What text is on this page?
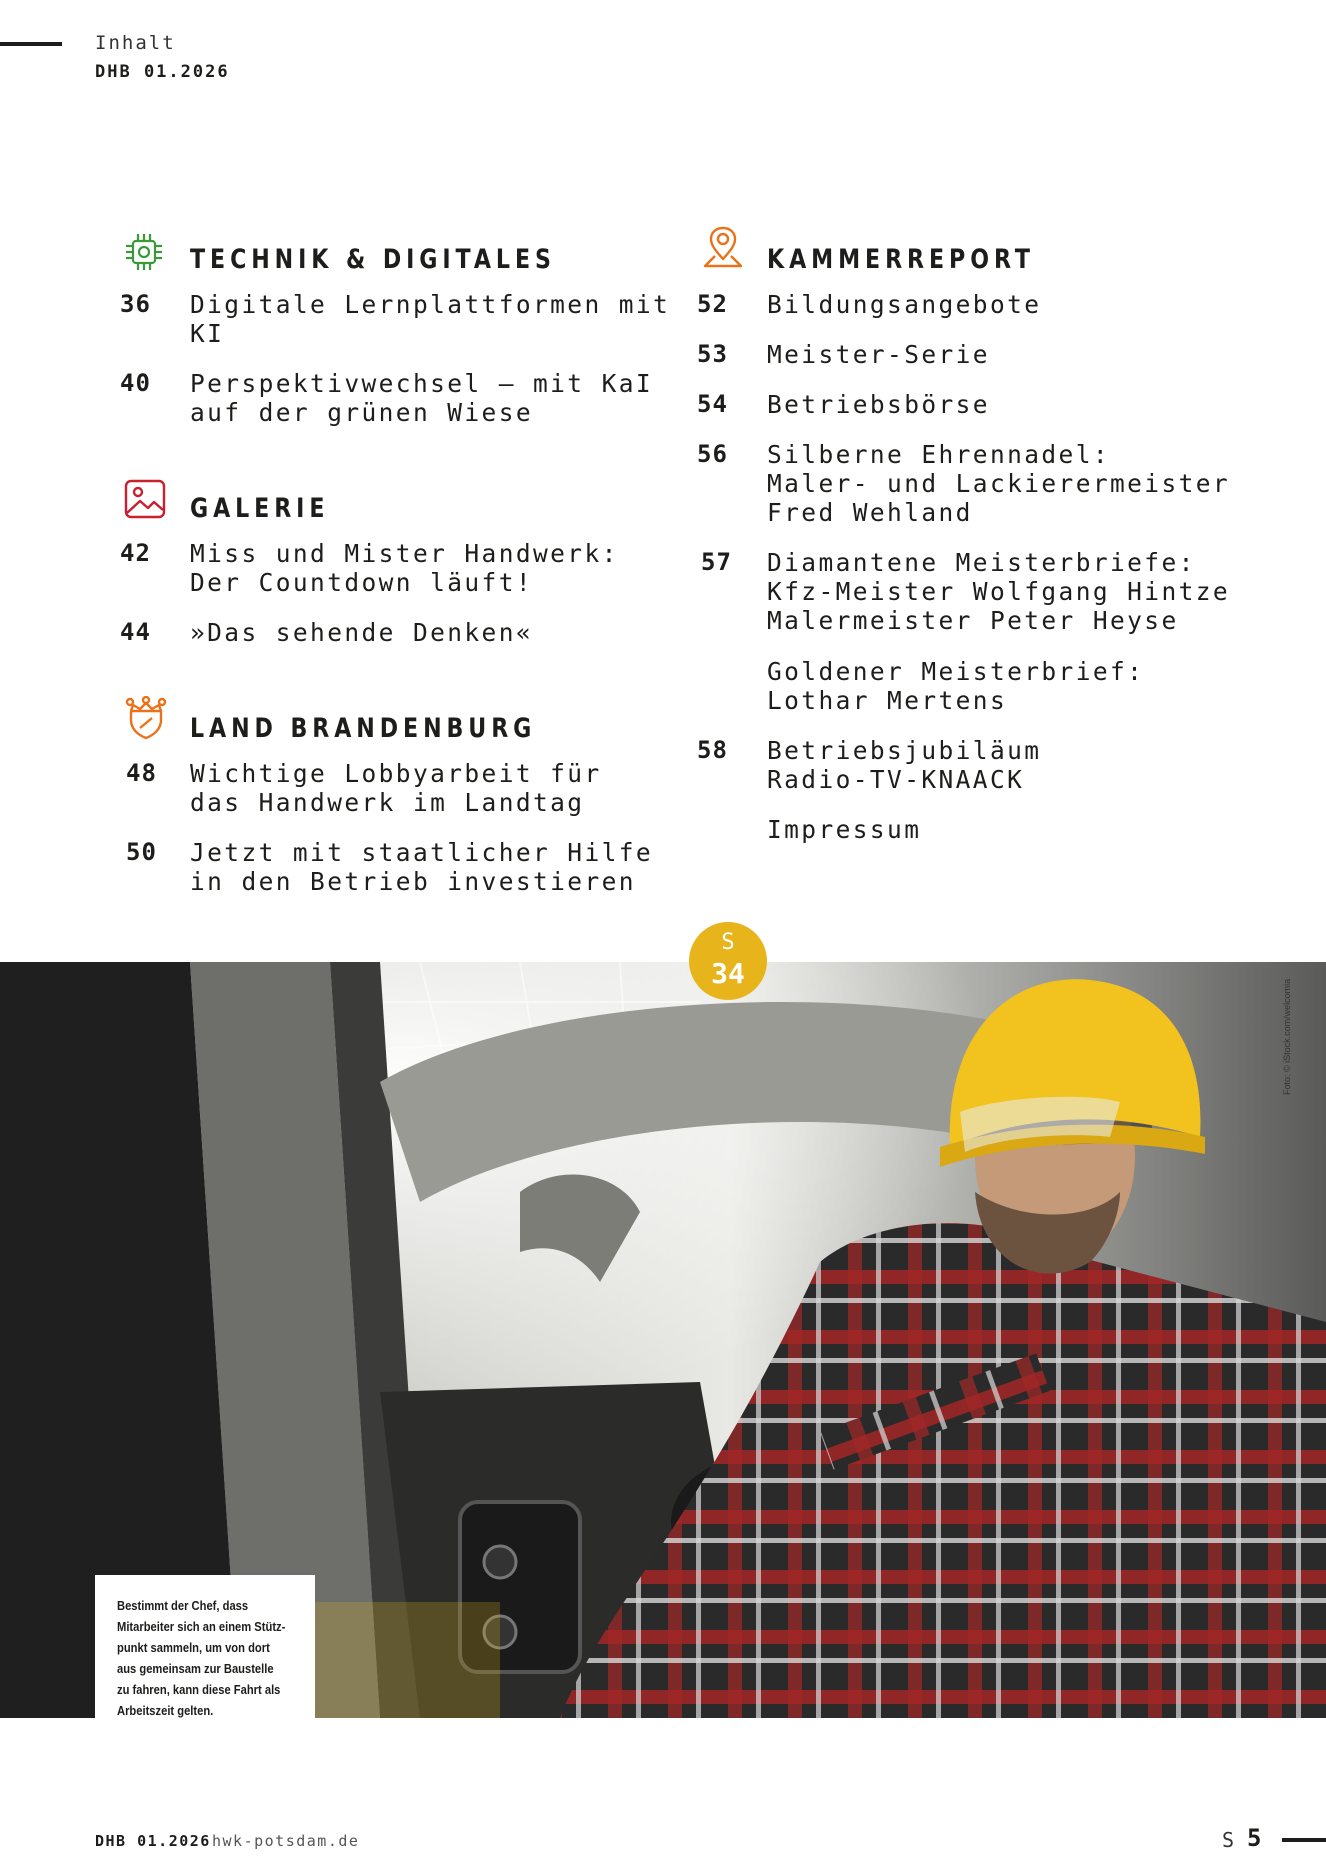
Inhalt
DHB 01.2026
TECHNIK & DIGITALES
36	Digitale Lernplattformen mit KI
40	Perspektivwechsel – mit KaI
auf der grünen Wiese
GALERIE
42	Miss und Mister Handwerk:
Der Countdown läuft!
44	»Das sehende Denken«
LAND BRANDENBURG
48	Wichtige Lobbyarbeit für
das Handwerk im Landtag
50	Jetzt mit staatlicher Hilfe
in den Betrieb investieren
KAMMERREPORT
52	Bildungsangebote
53	Meister-Serie
54	Betriebsbörse
56	Silberne Ehrennadel:
Maler- und Lackierermeister
Fred Wehland
57	Diamantene Meisterbriefe:
Kfz-Meister Wolfgang Hintze
Malermeister Peter Heyse
Goldener Meisterbrief:
Lothar Mertens
58	Betriebsjubiläum
Radio-TV-KNAACK
Impressum
Foto: © iStock.com/welcomia
Bestimmt der Chef, dass
Mitarbeiter sich an einem Stütz-
punkt sammeln, um von dort
aus gemeinsam zur Baustelle
zu fahren, kann diese Fahrt als
Arbeitszeit gelten.
S
34
DHB 01.2026 hwk-potsdam.de	S 5
